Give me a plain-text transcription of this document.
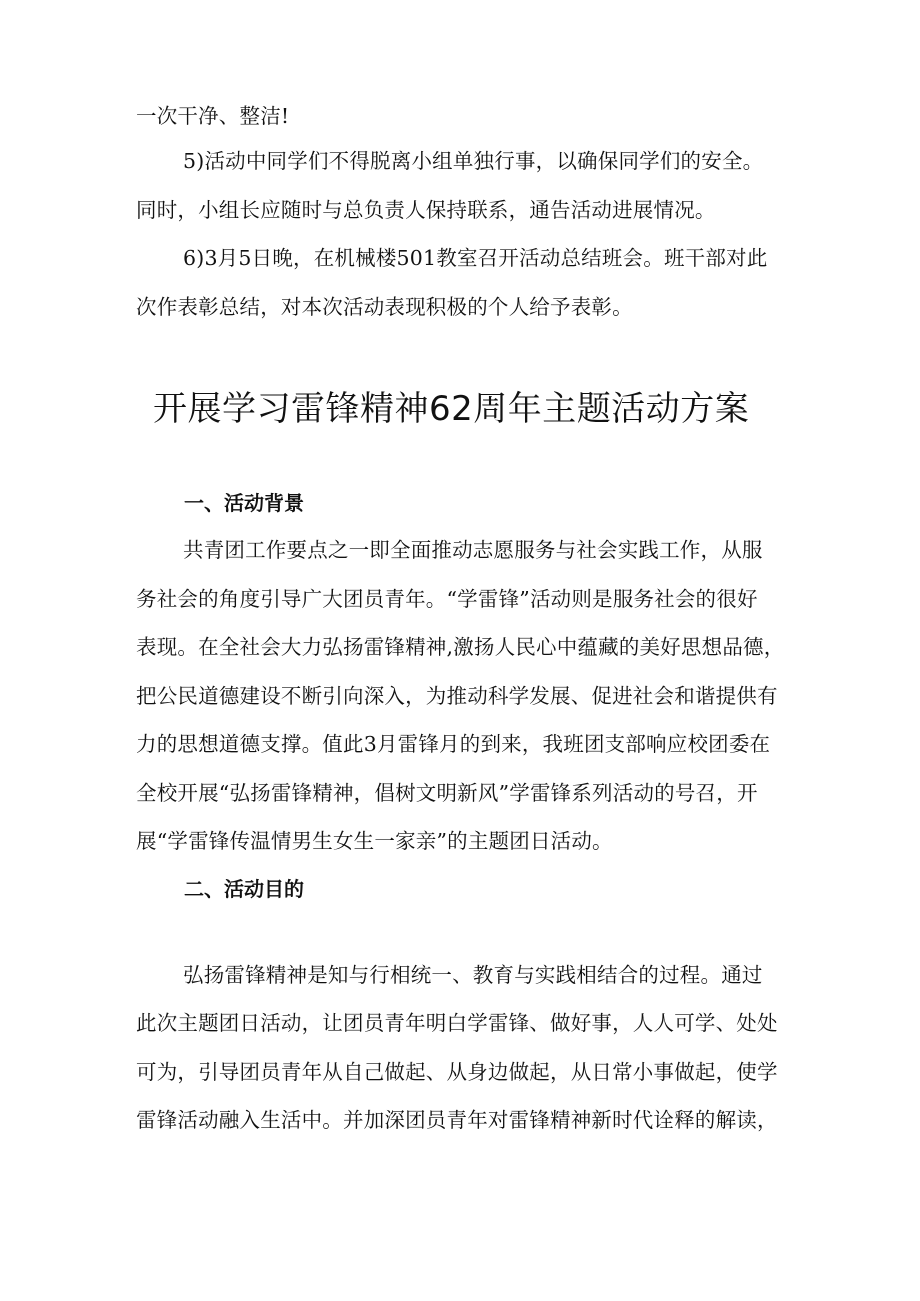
一次干净、整洁!

5)活动中同学们不得脱离小组单独行事，以确保同学们的安全。

同时，小组长应随时与总负责人保持联系，通告活动进展情况。

6)3月5日晚，在机械楼501教室召开活动总结班会。班干部对此

次作表彰总结，对本次活动表现积极的个人给予表彰。

开展学习雷锋精神62周年主题活动方案
一、活动背景

共青团工作要点之一即全面推动志愿服务与社会实践工作，从服

务社会的角度引导广大团员青年。“学雷锋”活动则是服务社会的很好

表现。在全社会大力弘扬雷锋精神,激扬人民心中蕴藏的美好思想品德，

把公民道德建设不断引向深入，为推动科学发展、促进社会和谐提供有

力的思想道德支撑。值此3月雷锋月的到来，我班团支部响应校团委在

全校开展“弘扬雷锋精神，倡树文明新风”学雷锋系列活动的号召，开

展“学雷锋传温情男生女生一家亲”的主题团日活动。

二、活动目的

弘扬雷锋精神是知与行相统一、教育与实践相结合的过程。通过

此次主题团日活动，让团员青年明白学雷锋、做好事，人人可学、处处

可为，引导团员青年从自己做起、从身边做起，从日常小事做起，使学

雷锋活动融入生活中。并加深团员青年对雷锋精神新时代诠释的解读，
